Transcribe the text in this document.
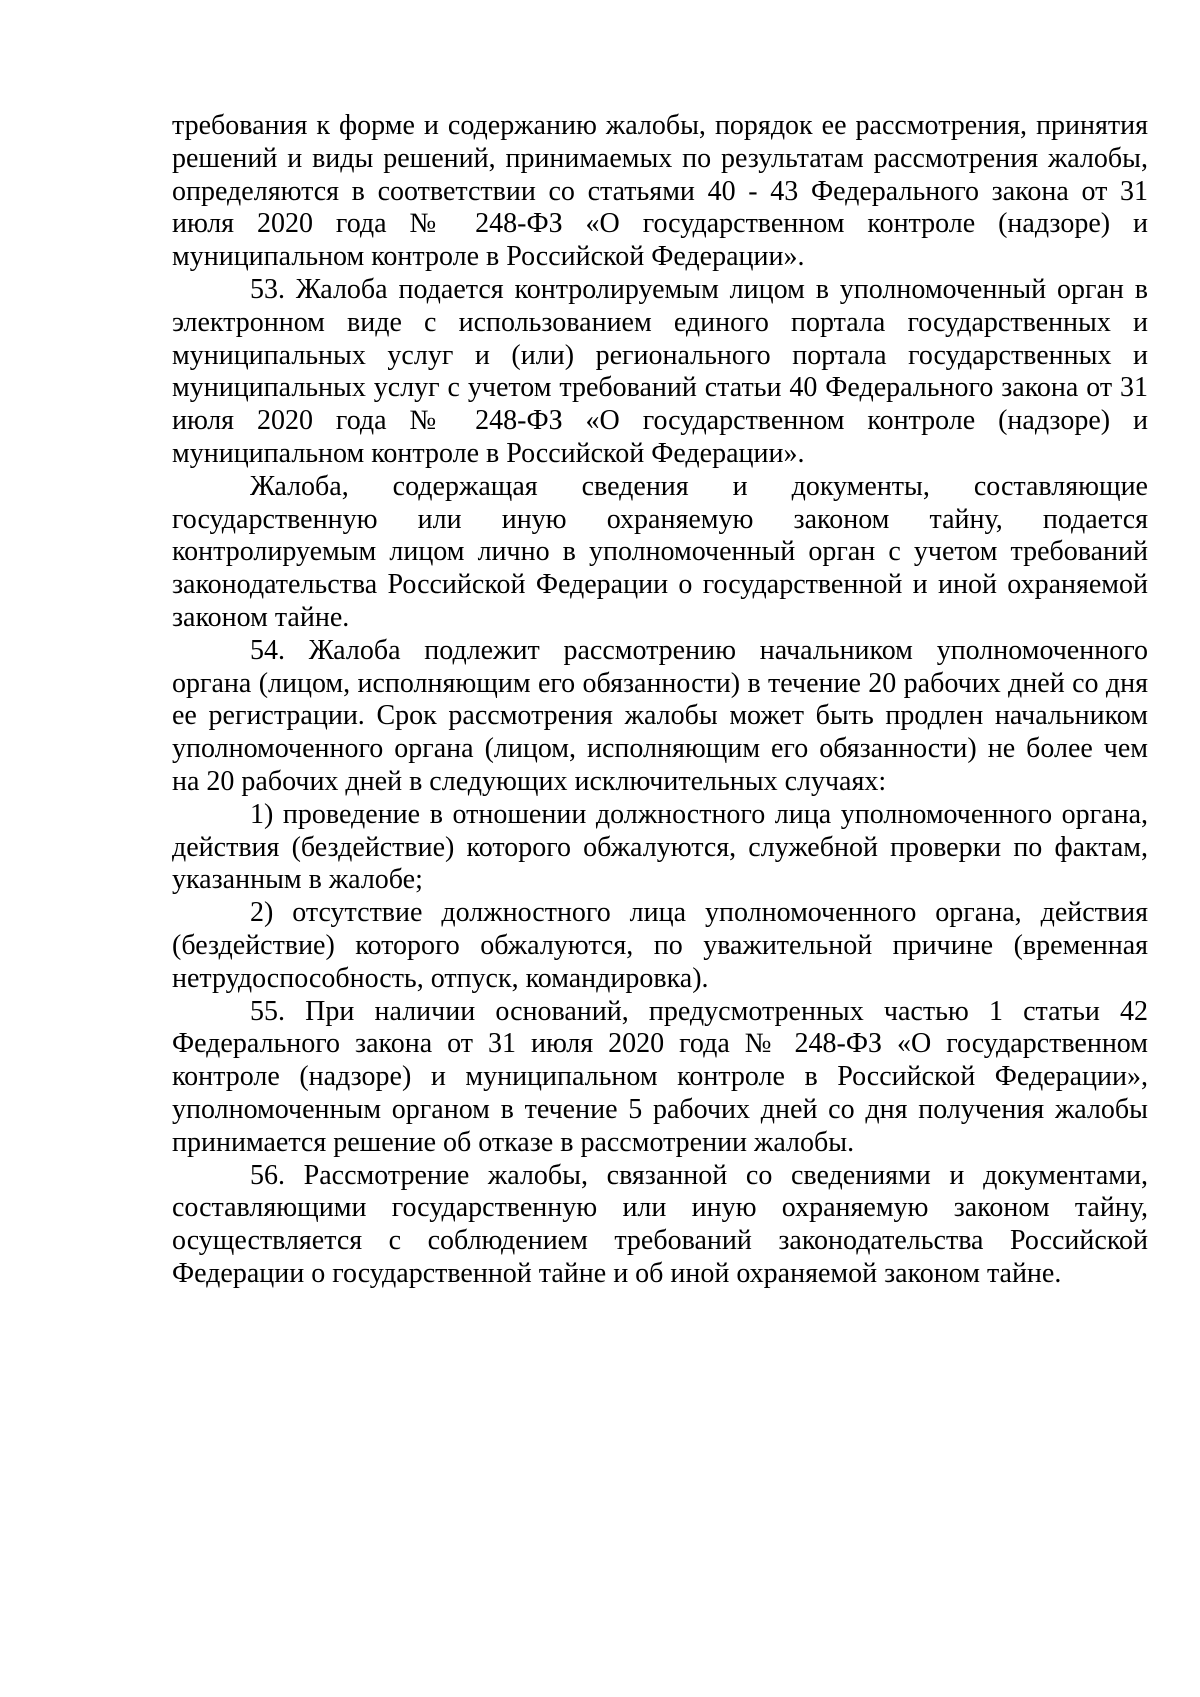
требования к форме и содержанию жалобы, порядок ее рассмотрения, принятия решений и виды решений, принимаемых по результатам рассмотрения жалобы, определяются в соответствии со статьями 40 - 43 Федерального закона от 31 июля 2020 года № 248-ФЗ «О государственном контроле (надзоре) и муниципальном контроле в Российской Федерации».

53. Жалоба подается контролируемым лицом в уполномоченный орган в электронном виде с использованием единого портала государственных и муниципальных услуг и (или) регионального портала государственных и муниципальных услуг с учетом требований статьи 40 Федерального закона от 31 июля 2020 года № 248-ФЗ «О государственном контроле (надзоре) и муниципальном контроле в Российской Федерации».

Жалоба, содержащая сведения и документы, составляющие государственную или иную охраняемую законом тайну, подается контролируемым лицом лично в уполномоченный орган с учетом требований законодательства Российской Федерации о государственной и иной охраняемой законом тайне.

54. Жалоба подлежит рассмотрению начальником уполномоченного органа (лицом, исполняющим его обязанности) в течение 20 рабочих дней со дня ее регистрации. Срок рассмотрения жалобы может быть продлен начальником уполномоченного органа (лицом, исполняющим его обязанности) не более чем на 20 рабочих дней в следующих исключительных случаях:

1) проведение в отношении должностного лица уполномоченного органа, действия (бездействие) которого обжалуются, служебной проверки по фактам, указанным в жалобе;

2) отсутствие должностного лица уполномоченного органа, действия (бездействие) которого обжалуются, по уважительной причине (временная нетрудоспособность, отпуск, командировка).

55. При наличии оснований, предусмотренных частью 1 статьи 42 Федерального закона от 31 июля 2020 года № 248-ФЗ «О государственном контроле (надзоре) и муниципальном контроле в Российской Федерации», уполномоченным органом в течение 5 рабочих дней со дня получения жалобы принимается решение об отказе в рассмотрении жалобы.

56. Рассмотрение жалобы, связанной со сведениями и документами, составляющими государственную или иную охраняемую законом тайну, осуществляется с соблюдением требований законодательства Российской Федерации о государственной тайне и об иной охраняемой законом тайне.
